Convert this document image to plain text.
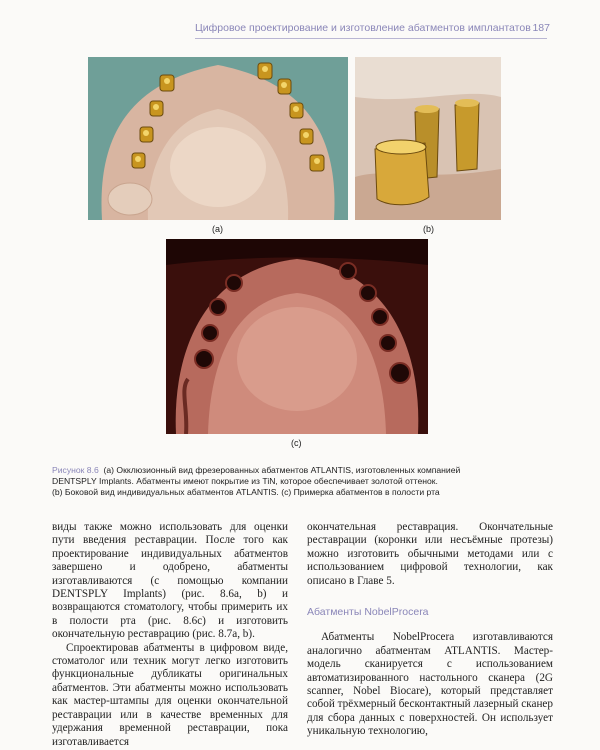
Цифровое проектирование и изготовление абатментов имплантатов 187
(a)	(b)
(c)
Рисунок 8.6 (a) Окклюзионный вид фрезерованных абатментов ATLANTIS, изготовленных компанией
DENTSPLY Implants. Абатменты имеют покрытие из TiN, которое обеспечивает золотой оттенок.
(b) Боковой вид индивидуальных абатментов ATLANTIS. (c) Примерка абатментов в полости рта

виды также можно использовать для оценки пути введения реставрации. После того как проектирование индивидуальных абатментов завершено и одобрено, абатменты изготавливаются (с помощью компании DENTSPLY Implants) (рис. 8.6a, b) и возвращаются стоматологу, чтобы примерить их в полости рта (рис. 8.6c) и изготовить окончательную реставрацию (рис. 8.7a, b).

Спроектировав абатменты в цифровом виде, стоматолог или техник могут легко изготовить функциональные дубликаты оригинальных абатментов. Эти абатменты можно использовать как мастер-штампы для оценки окончательной реставрации или в качестве временных для удержания временной реставрации, пока изготавливается

окончательная реставрация. Окончательные реставрации (коронки или несъёмные протезы) можно изготовить обычными методами или с использованием цифровой технологии, как описано в Главе 5.

Абатменты NobelProcera

Абатменты NobelProcera изготавливаются аналогично абатментам ATLANTIS. Мастер-модель сканируется с использованием автоматизированного настольного сканера (2G scanner, Nobel Biocare), который представляет собой трёхмерный бесконтактный лазерный сканер для сбора данных с поверхностей. Он использует уникальную технологию,
